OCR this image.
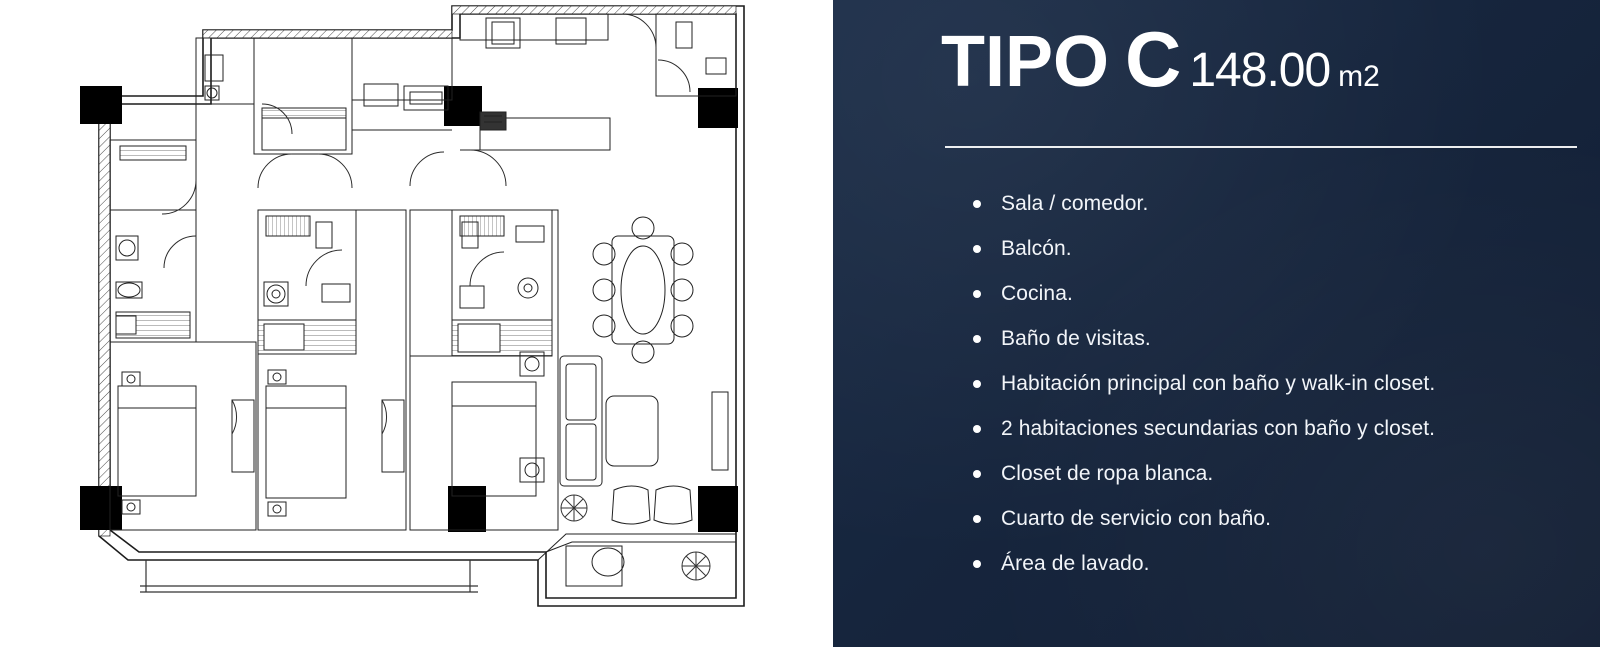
TIPO C 148.00 m2
Sala / comedor.
Balcón.
Cocina.
Baño de visitas.
Habitación principal con baño y walk-in closet.
2 habitaciones secundarias con baño y closet.
Closet de ropa blanca.
Cuarto de servicio con baño.
Área de lavado.
